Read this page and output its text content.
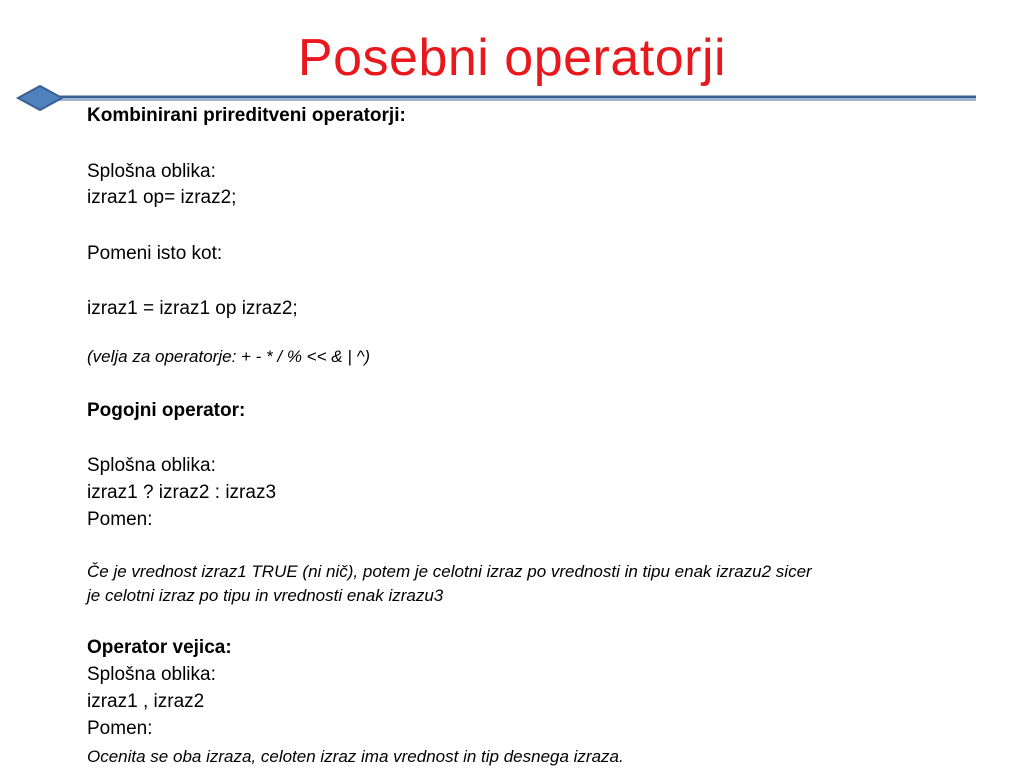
Posebni operatorji
Kombinirani prireditveni operatorji:
Splošna oblika:
izraz1 op= izraz2;
Pomeni isto kot:
izraz1 = izraz1 op izraz2;
(velja za operatorje: + - * / % << & | ^)
Pogojni operator:
Splošna oblika:
izraz1 ? izraz2 : izraz3
Pomen:
Če je vrednost izraz1 TRUE (ni nič), potem je celotni izraz po vrednosti in tipu enak izrazu2 sicer
je celotni izraz po tipu in vrednosti enak izrazu3
Operator vejica:
Splošna oblika:
izraz1 , izraz2
Pomen:
Ocenita se oba izraza, celoten izraz ima vrednost in tip desnega izraza.
